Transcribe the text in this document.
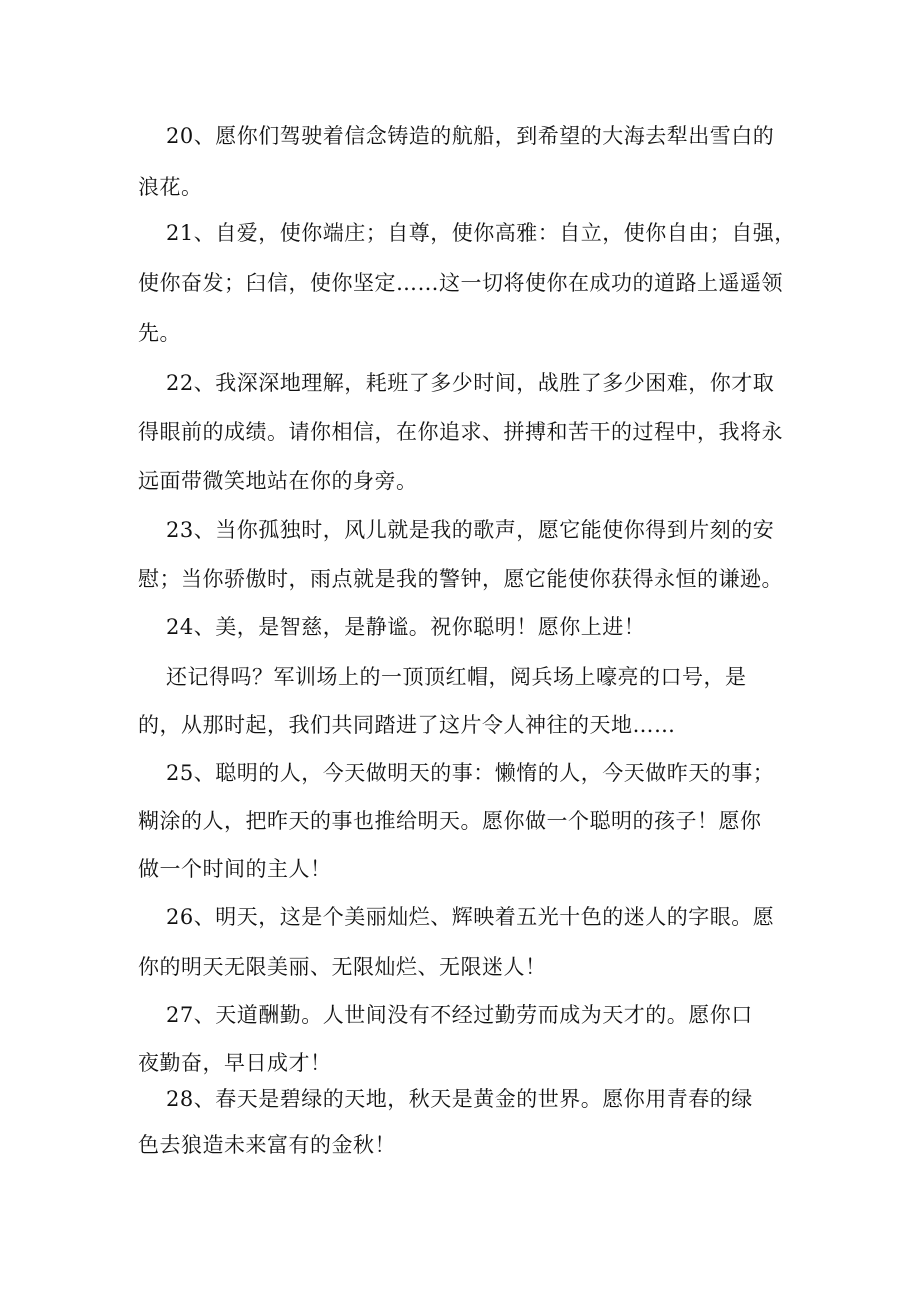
20、愿你们驾驶着信念铸造的航船，到希望的大海去犁出雪白的

浪花。

21、自爱，使你端庄；自尊，使你高雅：自立，使你自由；自强，

使你奋发；臼信，使你坚定……这一切将使你在成功的道路上遥遥领

先。

22、我深深地理解，耗班了多少时间，战胜了多少困难，你才取

得眼前的成绩。请你相信，在你追求、拼搏和苦干的过程中，我将永

远面带微笑地站在你的身旁。

23、当你孤独时，风儿就是我的歌声，愿它能使你得到片刻的安

慰；当你骄傲时，雨点就是我的警钟，愿它能使你获得永恒的谦逊。

24、美，是智慈，是静谧。祝你聪明！愿你上进！

还记得吗？军训场上的一顶顶红帽，阅兵场上嚎亮的口号，是

的，从那时起，我们共同踏进了这片令人神往的天地……

25、聪明的人，今天做明天的事：懒惰的人，今天做昨天的事；

糊涂的人，把昨天的事也推给明天。愿你做一个聪明的孩子！愿你

做一个时间的主人！

26、明天，这是个美丽灿烂、辉映着五光十色的迷人的字眼。愿

你的明天无限美丽、无限灿烂、无限迷人！

27、天道酬勤。人世间没有不经过勤劳而成为天才的。愿你口

夜勤奋，早日成才！

28、春天是碧绿的天地，秋天是黄金的世界。愿你用青春的绿

色去狼造未来富有的金秋！
